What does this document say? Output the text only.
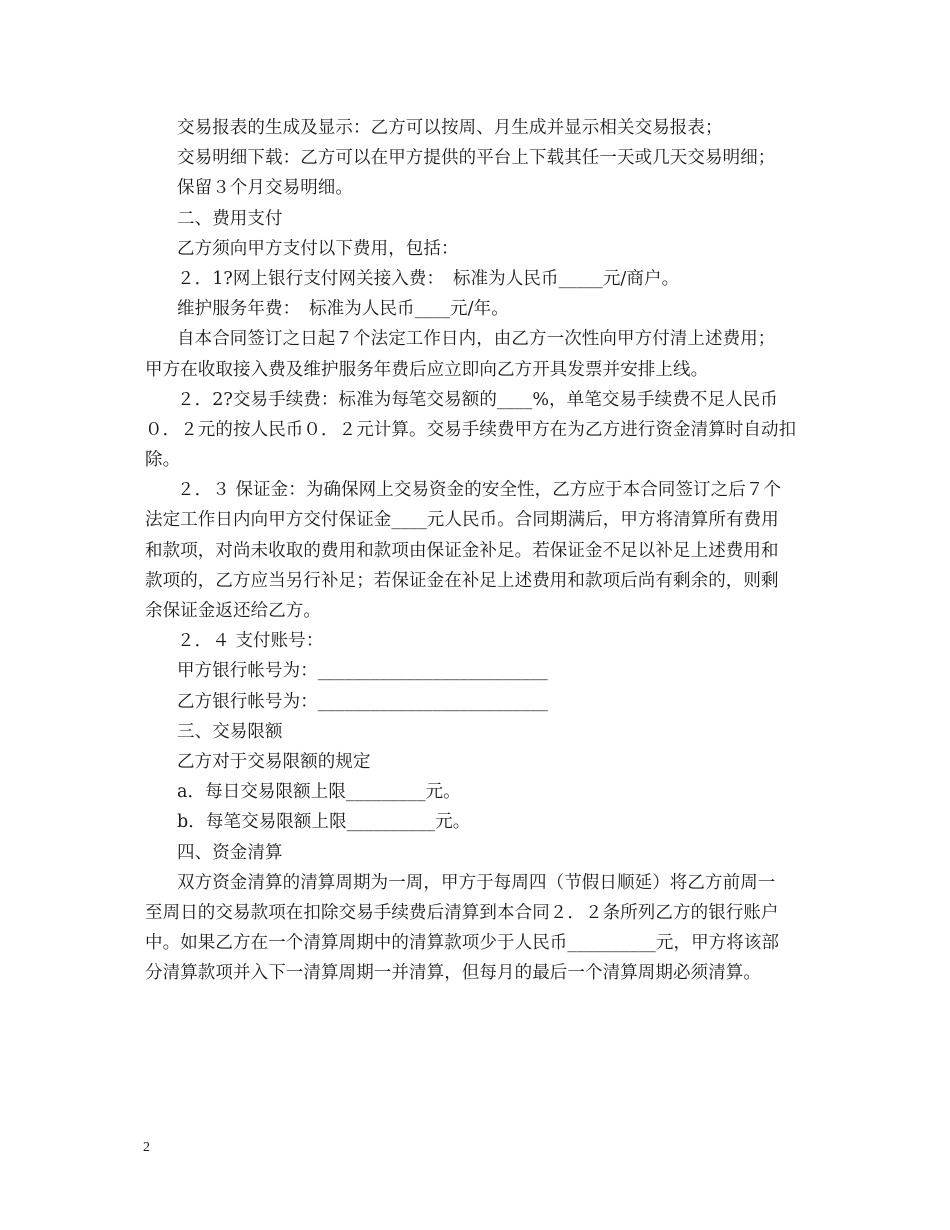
交易报表的生成及显示：乙方可以按周、月生成并显示相关交易报表；
交易明细下载：乙方可以在甲方提供的平台上下载其任一天或几天交易明细；
保留３个月交易明细。
二、费用支付
乙方须向甲方支付以下费用，包括：
２．1?网上银行支付网关接入费：　标准为人民币_____元/商户。
维护服务年费：　标准为人民币____元/年。
自本合同签订之日起７个法定工作日内，由乙方一次性向甲方付清上述费用；
甲方在收取接入费及维护服务年费后应立即向乙方开具发票并安排上线。
２．2?交易手续费：标准为每笔交易额的____%，单笔交易手续费不足人民币
０．２元的按人民币０．２元计算。交易手续费甲方在为乙方进行资金清算时自动扣
除。
２．３ 保证金：为确保网上交易资金的安全性，乙方应于本合同签订之后７个
法定工作日内向甲方交付保证金____元人民币。合同期满后，甲方将清算所有费用
和款项，对尚未收取的费用和款项由保证金补足。若保证金不足以补足上述费用和
款项的，乙方应当另行补足；若保证金在补足上述费用和款项后尚有剩余的，则剩
余保证金返还给乙方。
２．４ 支付账号：
甲方银行帐号为：__________________________
乙方银行帐号为：__________________________
三、交易限额
乙方对于交易限额的规定
a．每日交易限额上限_________元。
b．每笔交易限额上限__________元。
四、资金清算
双方资金清算的清算周期为一周，甲方于每周四（节假日顺延）将乙方前周一
至周日的交易款项在扣除交易手续费后清算到本合同２．２条所列乙方的银行账户
中。如果乙方在一个清算周期中的清算款项少于人民币__________元，甲方将该部
分清算款项并入下一清算周期一并清算，但每月的最后一个清算周期必须清算。
2
